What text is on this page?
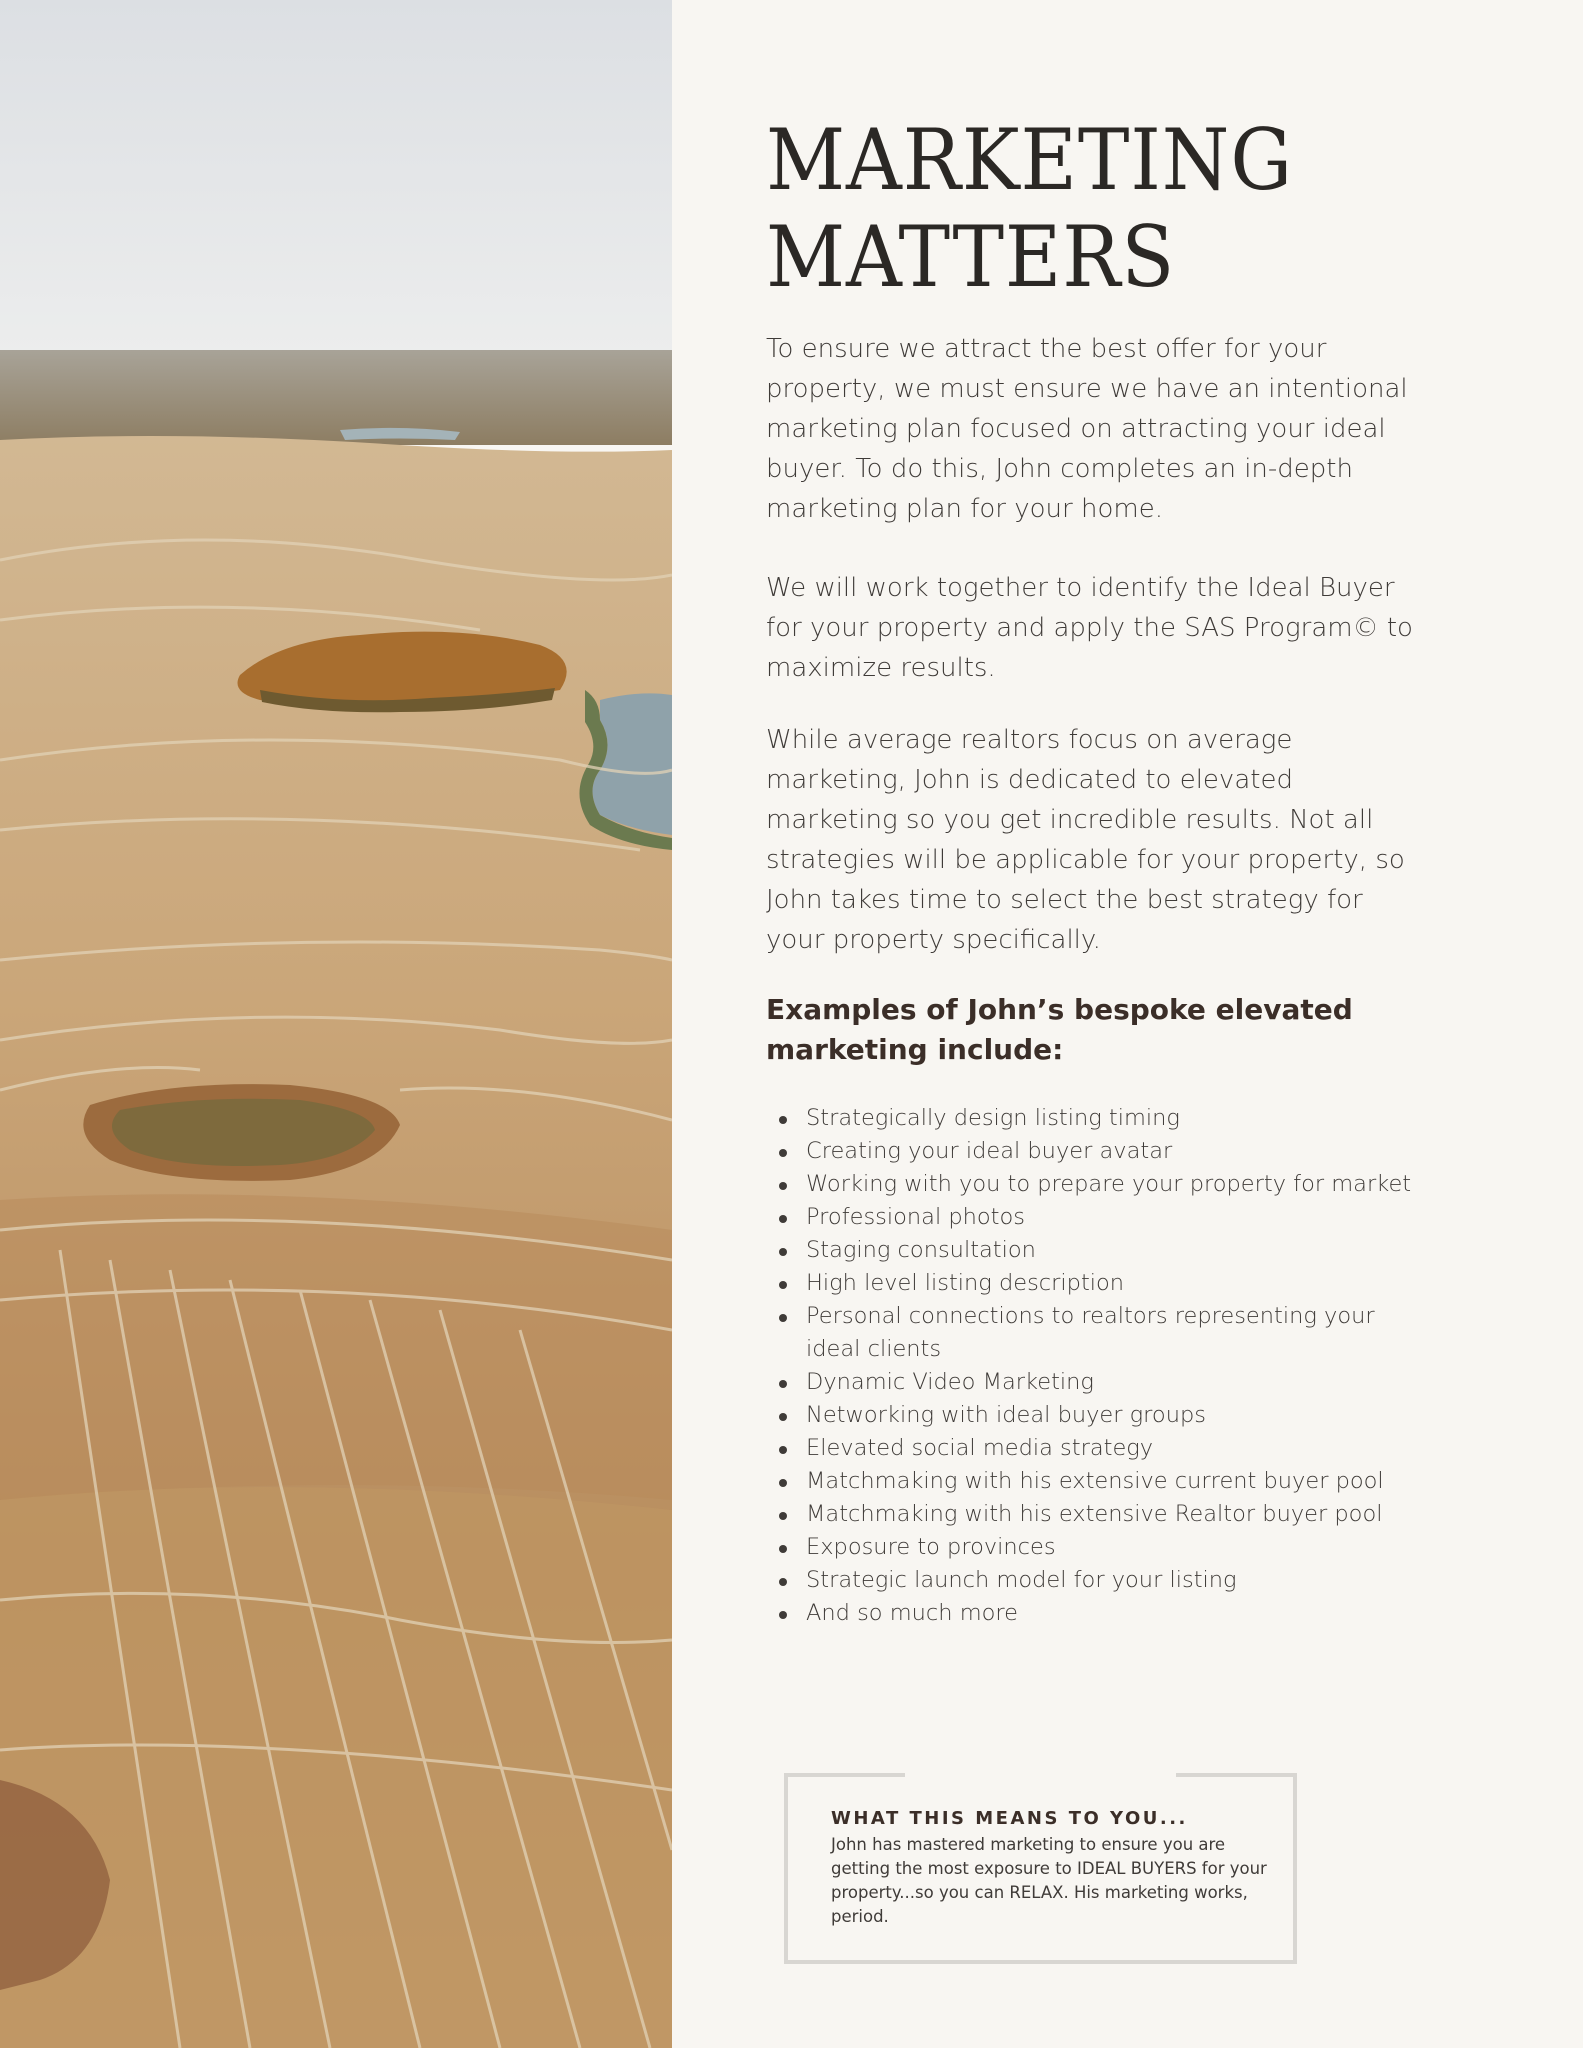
MARKETING
MATTERS

To ensure we attract the best offer for your property, we must ensure we have an intentional marketing plan focused on attracting your ideal buyer. To do this, John completes an in-depth marketing plan for your home.

We will work together to identify the Ideal Buyer for your property and apply the SAS Program© to maximize results.

While average realtors focus on average marketing, John is dedicated to elevated marketing so you get incredible results. Not all strategies will be applicable for your property, so John takes time to select the best strategy for your property specifically.

Examples of John’s bespoke elevated marketing include:
Strategically design listing timing
Creating your ideal buyer avatar
Working with you to prepare your property for market
Professional photos
Staging consultation
High level listing description
Personal connections to realtors representing your ideal clients
Dynamic Video Marketing
Networking with ideal buyer groups
Elevated social media strategy
Matchmaking with his extensive current buyer pool
Matchmaking with his extensive Realtor buyer pool
Exposure to provinces
Strategic launch model for your listing
And so much more
WHAT THIS MEANS TO YOU...

John has mastered marketing to ensure you are getting the most exposure to IDEAL BUYERS for your property...so you can RELAX. His marketing works, period.
